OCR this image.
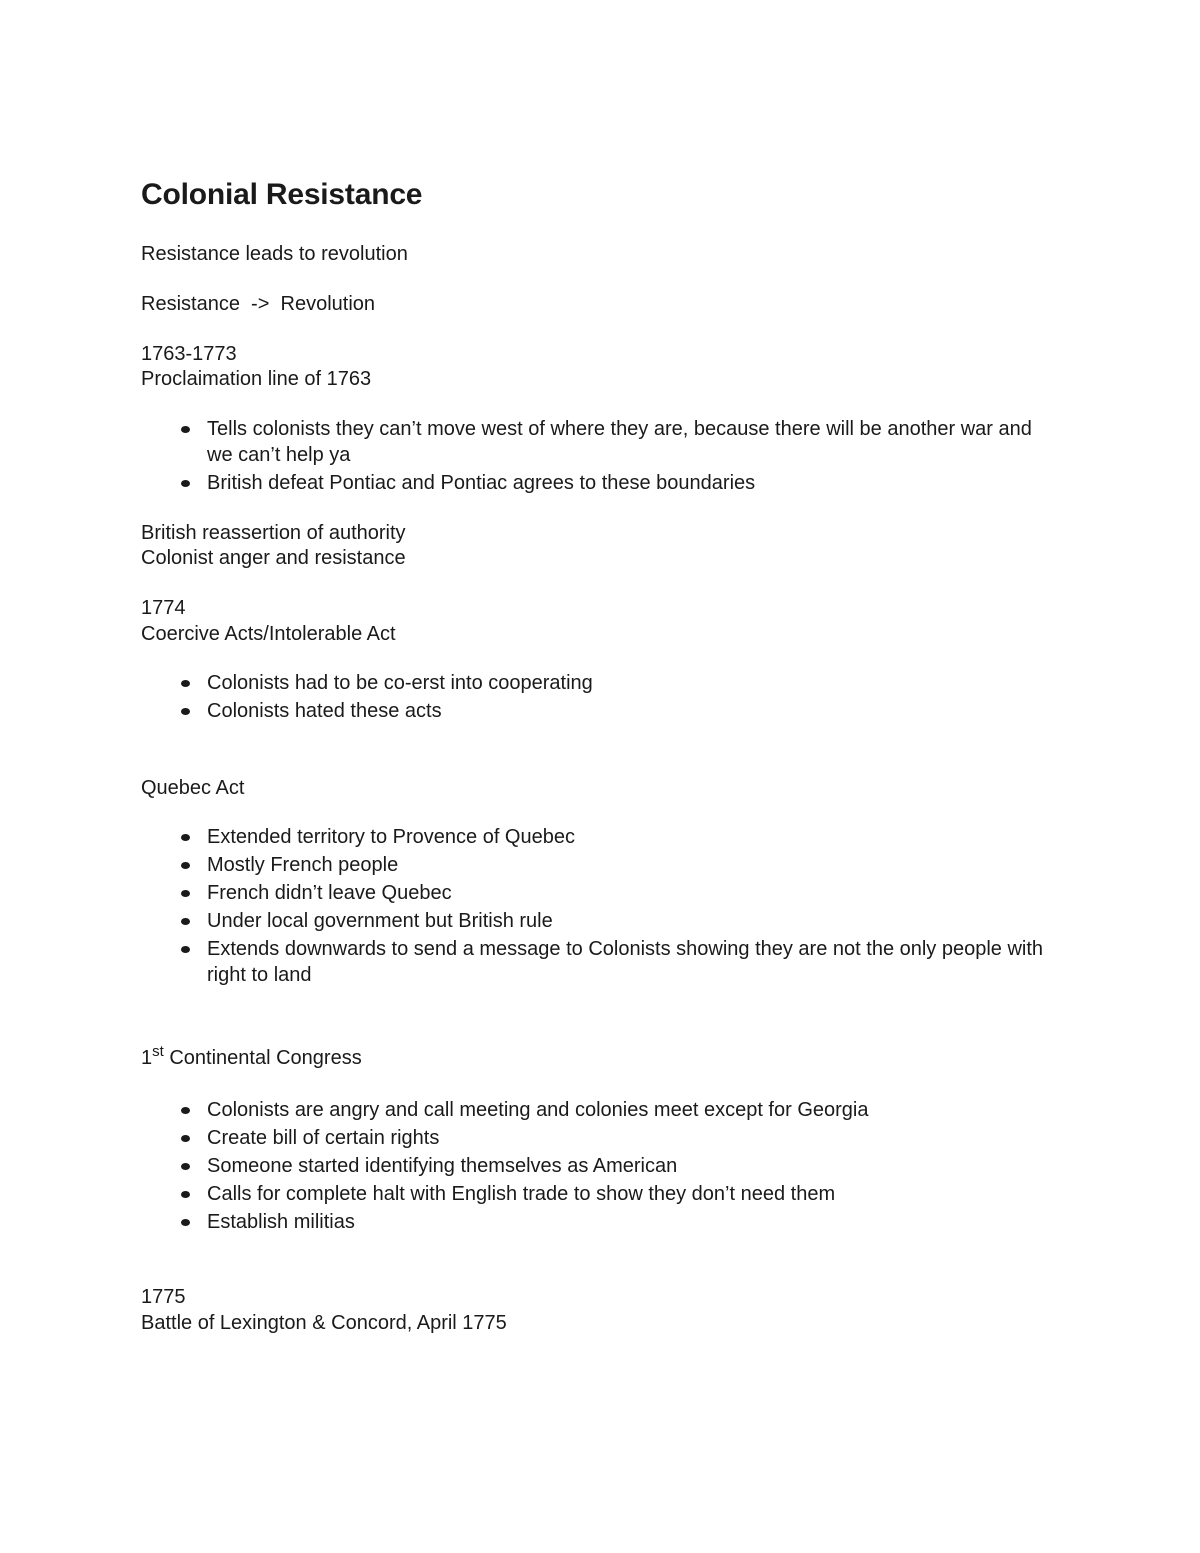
Colonial Resistance

Resistance leads to revolution

Resistance  ->  Revolution

1763-1773

Proclaimation line of 1763

Tells colonists they can’t move west of where they are, because there will be another war and we can’t help ya
British defeat Pontiac and Pontiac agrees to these boundaries

British reassertion of authority

Colonist anger and resistance

1774

Coercive Acts/Intolerable Act

Colonists had to be co-erst into cooperating
Colonists hated these acts

Quebec Act

Extended territory to Provence of Quebec
Mostly French people
French didn’t leave Quebec
Under local government but British rule
Extends downwards to send a message to Colonists showing they are not the only people with right to land

1st Continental Congress

Colonists are angry and call meeting and colonies meet except for Georgia
Create bill of certain rights
Someone started identifying themselves as American
Calls for complete halt with English trade to show they don’t need them
Establish militias

1775

Battle of Lexington & Concord, April 1775
